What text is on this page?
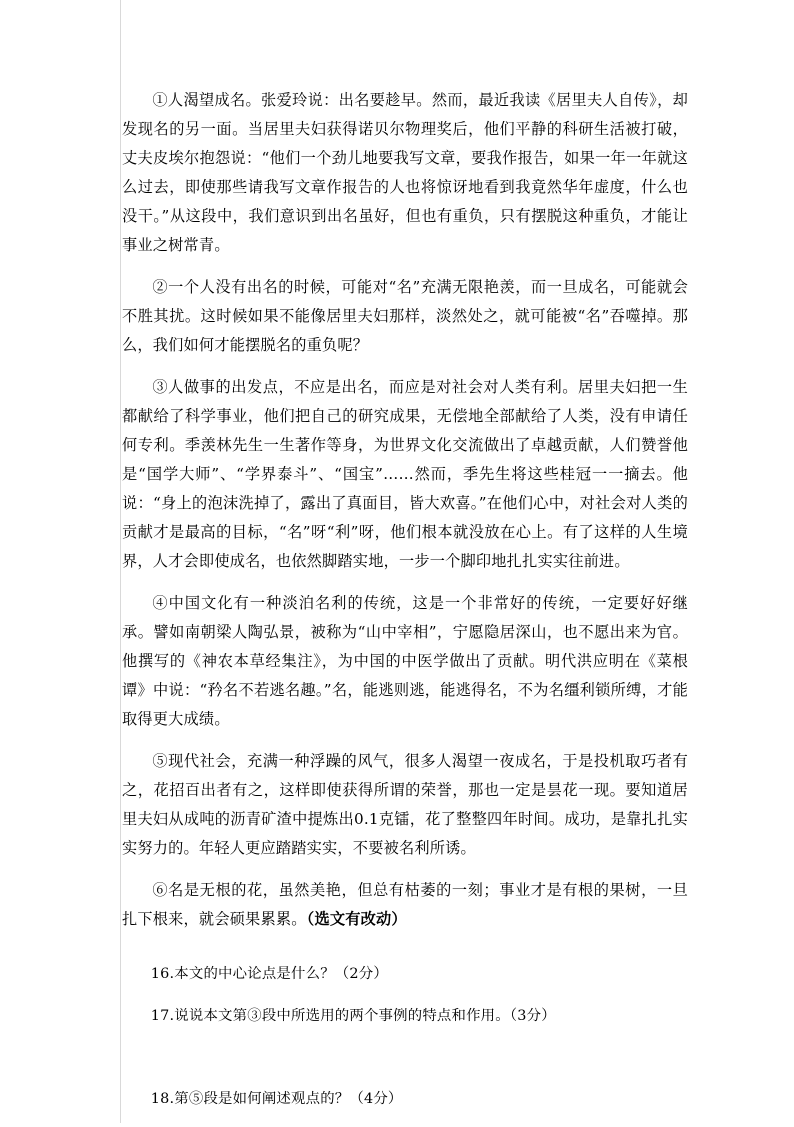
①人渴望成名。张爱玲说：出名要趁早。然而，最近我读《居里夫人自传》，却发现名的另一面。当居里夫妇获得诺贝尔物理奖后，他们平静的科研生活被打破，丈夫皮埃尔抱怨说：“他们一个劲儿地要我写文章，要我作报告，如果一年一年就这么过去，即使那些请我写文章作报告的人也将惊讶地看到我竟然华年虚度，什么也没干。”从这段中，我们意识到出名虽好，但也有重负，只有摆脱这种重负，才能让事业之树常青。

②一个人没有出名的时候，可能对“名”充满无限艳羡，而一旦成名，可能就会不胜其扰。这时候如果不能像居里夫妇那样，淡然处之，就可能被“名”吞噬掉。那么，我们如何才能摆脱名的重负呢？

③人做事的出发点，不应是出名，而应是对社会对人类有利。居里夫妇把一生都献给了科学事业，他们把自己的研究成果，无偿地全部献给了人类，没有申请任何专利。季羡林先生一生著作等身，为世界文化交流做出了卓越贡献，人们赞誉他是“国学大师”、“学界泰斗”、“国宝”……然而，季先生将这些桂冠一一摘去。他说：“身上的泡沫洗掉了，露出了真面目，皆大欢喜。”在他们心中，对社会对人类的贡献才是最高的目标，“名”呀“利”呀，他们根本就没放在心上。有了这样的人生境界，人才会即使成名，也依然脚踏实地，一步一个脚印地扎扎实实往前进。

④中国文化有一种淡泊名利的传统，这是一个非常好的传统，一定要好好继承。譬如南朝梁人陶弘景，被称为“山中宰相”，宁愿隐居深山，也不愿出来为官。他撰写的《神农本草经集注》，为中国的中医学做出了贡献。明代洪应明在《菜根谭》中说：“矜名不若逃名趣。”名，能逃则逃，能逃得名，不为名缰利锁所缚，才能取得更大成绩。

⑤现代社会，充满一种浮躁的风气，很多人渴望一夜成名，于是投机取巧者有之，花招百出者有之，这样即使获得所谓的荣誉，那也一定是昙花一现。要知道居里夫妇从成吨的沥青矿渣中提炼出0.1克镭，花了整整四年时间。成功，是靠扎扎实实努力的。年轻人更应踏踏实实，不要被名利所诱。

⑥名是无根的花，虽然美艳，但总有枯萎的一刻；事业才是有根的果树，一旦扎下根来，就会硕果累累。（选文有改动）

16.本文的中心论点是什么？（2分）
17.说说本文第③段中所选用的两个事例的特点和作用。（3分）
18.第⑤段是如何阐述观点的？（4分）
